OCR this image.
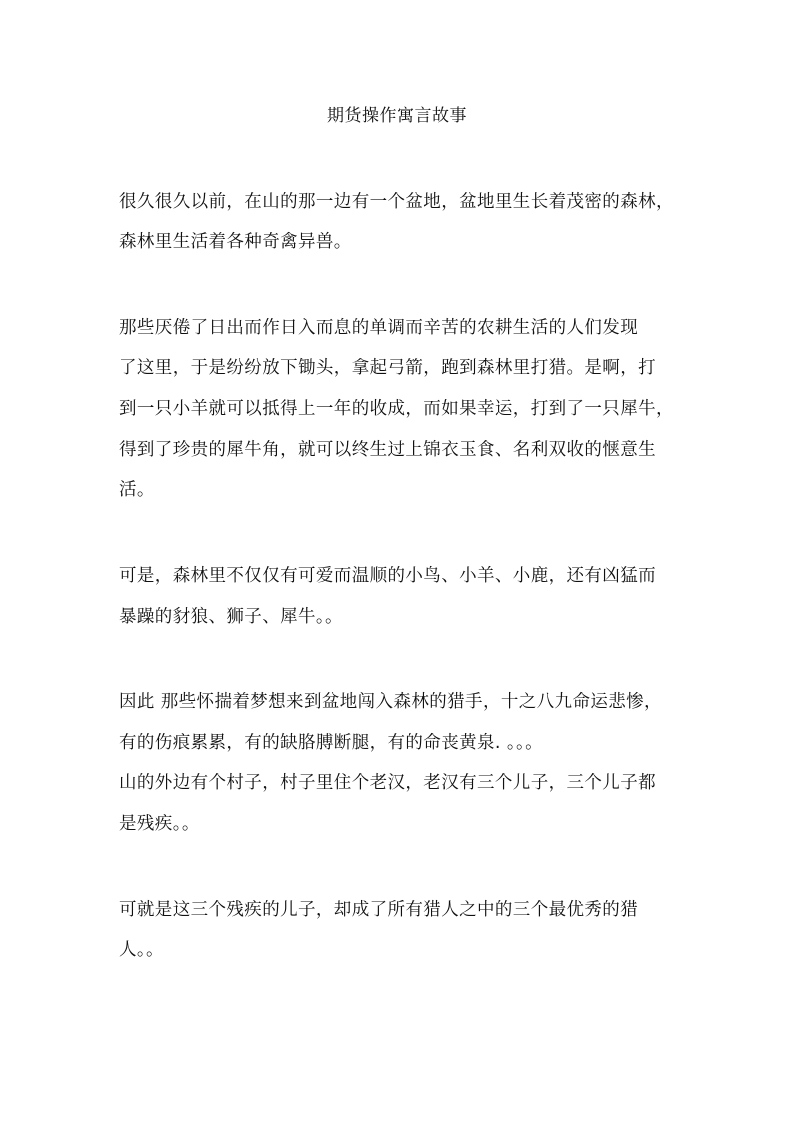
期货操作寓言故事
很久很久以前，在山的那一边有一个盆地，盆地里生长着茂密的森林，
森林里生活着各种奇禽异兽。
那些厌倦了日出而作日入而息的单调而辛苦的农耕生活的人们发现
了这里，于是纷纷放下锄头，拿起弓箭，跑到森林里打猎。是啊，打
到一只小羊就可以抵得上一年的收成，而如果幸运，打到了一只犀牛，
得到了珍贵的犀牛角，就可以终生过上锦衣玉食、名利双收的惬意生
活。
可是，森林里不仅仅有可爱而温顺的小鸟、小羊、小鹿，还有凶猛而
暴躁的豺狼、狮子、犀牛。。
因此 那些怀揣着梦想来到盆地闯入森林的猎手，十之八九命运悲惨，
有的伤痕累累，有的缺胳膊断腿，有的命丧黄泉. 。。。
山的外边有个村子，村子里住个老汉，老汉有三个儿子，三个儿子都
是残疾。。
可就是这三个残疾的儿子，却成了所有猎人之中的三个最优秀的猎
人。。
